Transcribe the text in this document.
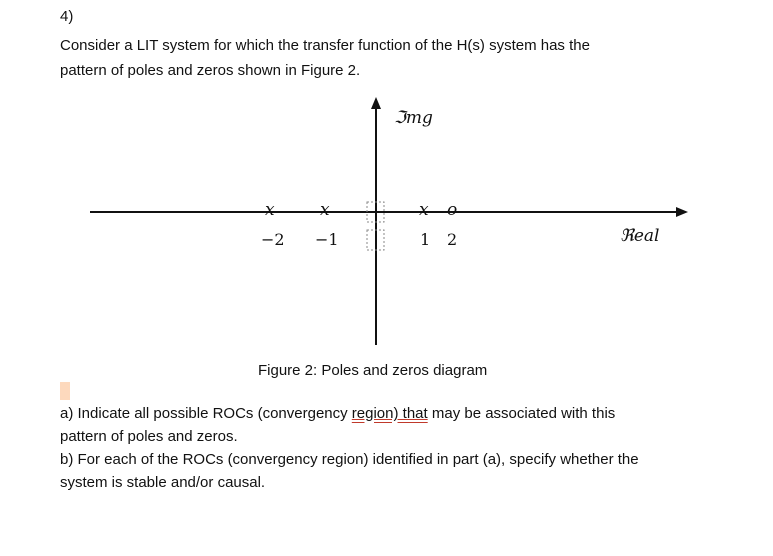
4)
Consider a LIT system for which the transfer function of the H(s) system has the
pattern of poles and zeros shown in Figure 2.
ℑmg
ℜeal
x	x	x o
−2 −1	1 2
Figure 2: Poles and zeros diagram
a) Indicate all possible ROCs (convergency region) that may be associated with this
pattern of poles and zeros.
b) For each of the ROCs (convergency region) identified in part (a), specify whether the
system is stable and/or causal.
